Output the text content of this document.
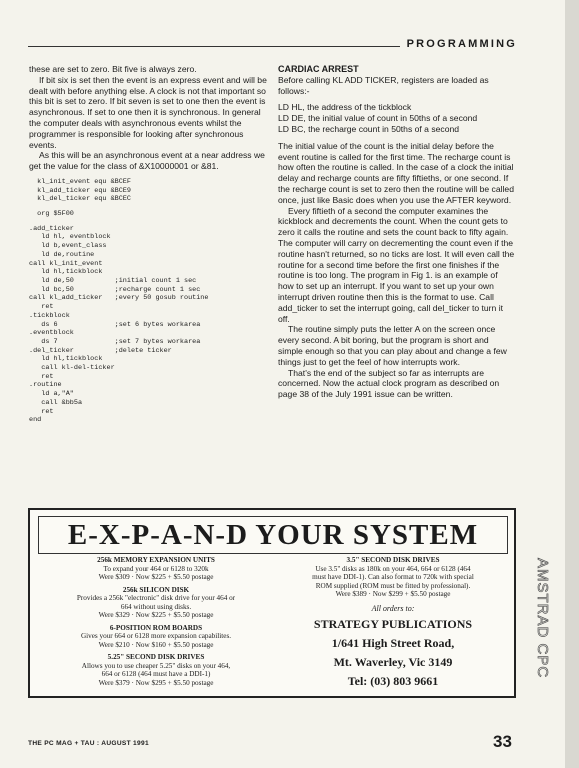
PROGRAMMING

these are set to zero. Bit five is always zero.

If bit six is set then the event is an express event and will be dealt with before anything else. A clock is not that important so this bit is set to zero. If bit seven is set to one then the event is asynchronous. If set to one then it is synchronous. In general the computer deals with asynchronous events whilst the programmer is responsible for looking after synchronous events.

As this will be an asynchronous event at a near address we get the value for the class of &X10000001 or &81.

kl_init_event equ &BCEF
kl_add_ticker equ &BCE9
kl_del_ticker equ &BCEC
org $5F00
.add_ticker
ld hl, eventblock
ld b,event_class
ld de,routine
call kl_init_event
ld hl,tickblock
ld de,50          ;initial count 1 sec
ld bc,50          ;recharge count 1 sec
call kl_add_ticker   ;every 50 gosub routine
ret
.tickblock
ds 6              ;set 6 bytes workarea
.eventblock
ds 7              ;set 7 bytes workarea
.del_ticker          ;delete ticker
ld hl,tickblock
call kl-del-ticker
ret
.routine
ld a,"A"
call &bb5a
ret
end

CARDIAC ARREST

Before calling KL ADD TICKER, registers are loaded as follows:-

LD HL, the address of the tickblock

LD DE, the initial value of count in 50ths of a second

LD BC, the recharge count in 50ths of a second

The initial value of the count is the initial delay before the event routine is called for the first time. The recharge count is how often the routine is called. In the case of a clock the initial delay and recharge counts are fifty fiftieths, or one second. If the recharge count is set to zero then the routine will be called once, just like Basic does when you use the AFTER keyword.

Every fiftieth of a second the computer examines the kickblock and decrements the count. When the count gets to zero it calls the routine and sets the count back to fifty again. The computer will carry on decrementing the count even if the routine hasn't returned, so no ticks are lost. It will even call the routine for a second time before the first one finishes if the routine is too long. The program in Fig 1. is an example of how to set up an interrupt. If you want to set up your own interrupt driven routine then this is the format to use. Call add_ticker to set the interrupt going, call del_ticker to turn it off.

The routine simply puts the letter A on the screen once every second. A bit boring, but the program is short and simple enough so that you can play about and change a few things just to get the feel of how interrupts work.

That's the end of the subject so far as interrupts are concerned. Now the actual clock program as described on page 38 of the July 1991 issue can be written.

E-X-P-A-N-D YOUR SYSTEM
256k MEMORY EXPANSION UNITS
To expand your 464 or 6128 to 320k
Were $309 · Now $225 + $5.50 postage
256k SILICON DISK
Provides a 256k "electronic" disk drive for your 464 or
664 without using disks.
Were $329 · Now $225 + $5.50 postage
6-POSITION ROM BOARDS
Gives your 664 or 6128 more expansion capabilites.
Were $210 · Now $160 + $5.50 postage
5.25" SECOND DISK DRIVES
Allows you to use cheaper 5.25" disks on your 464,
664 or 6128 (464 must have a DDI-1)
Were $379 · Now $295 + $5.50 postage
3.5" SECOND DISK DRIVES
Use 3.5" disks as 180k on your 464, 664 or 6128 (464
must have DDI-1). Can also format to 720k with special
ROM supplied (ROM must be fitted by professional).
Were $389 · Now $299 + $5.50 postage
All orders to:
STRATEGY PUBLICATIONS
1/641 High Street Road,
Mt. Waverley, Vic 3149
Tel: (03) 803 9661
AMSTRAD CPC
THE PC MAG + TAU : AUGUST 1991	33
